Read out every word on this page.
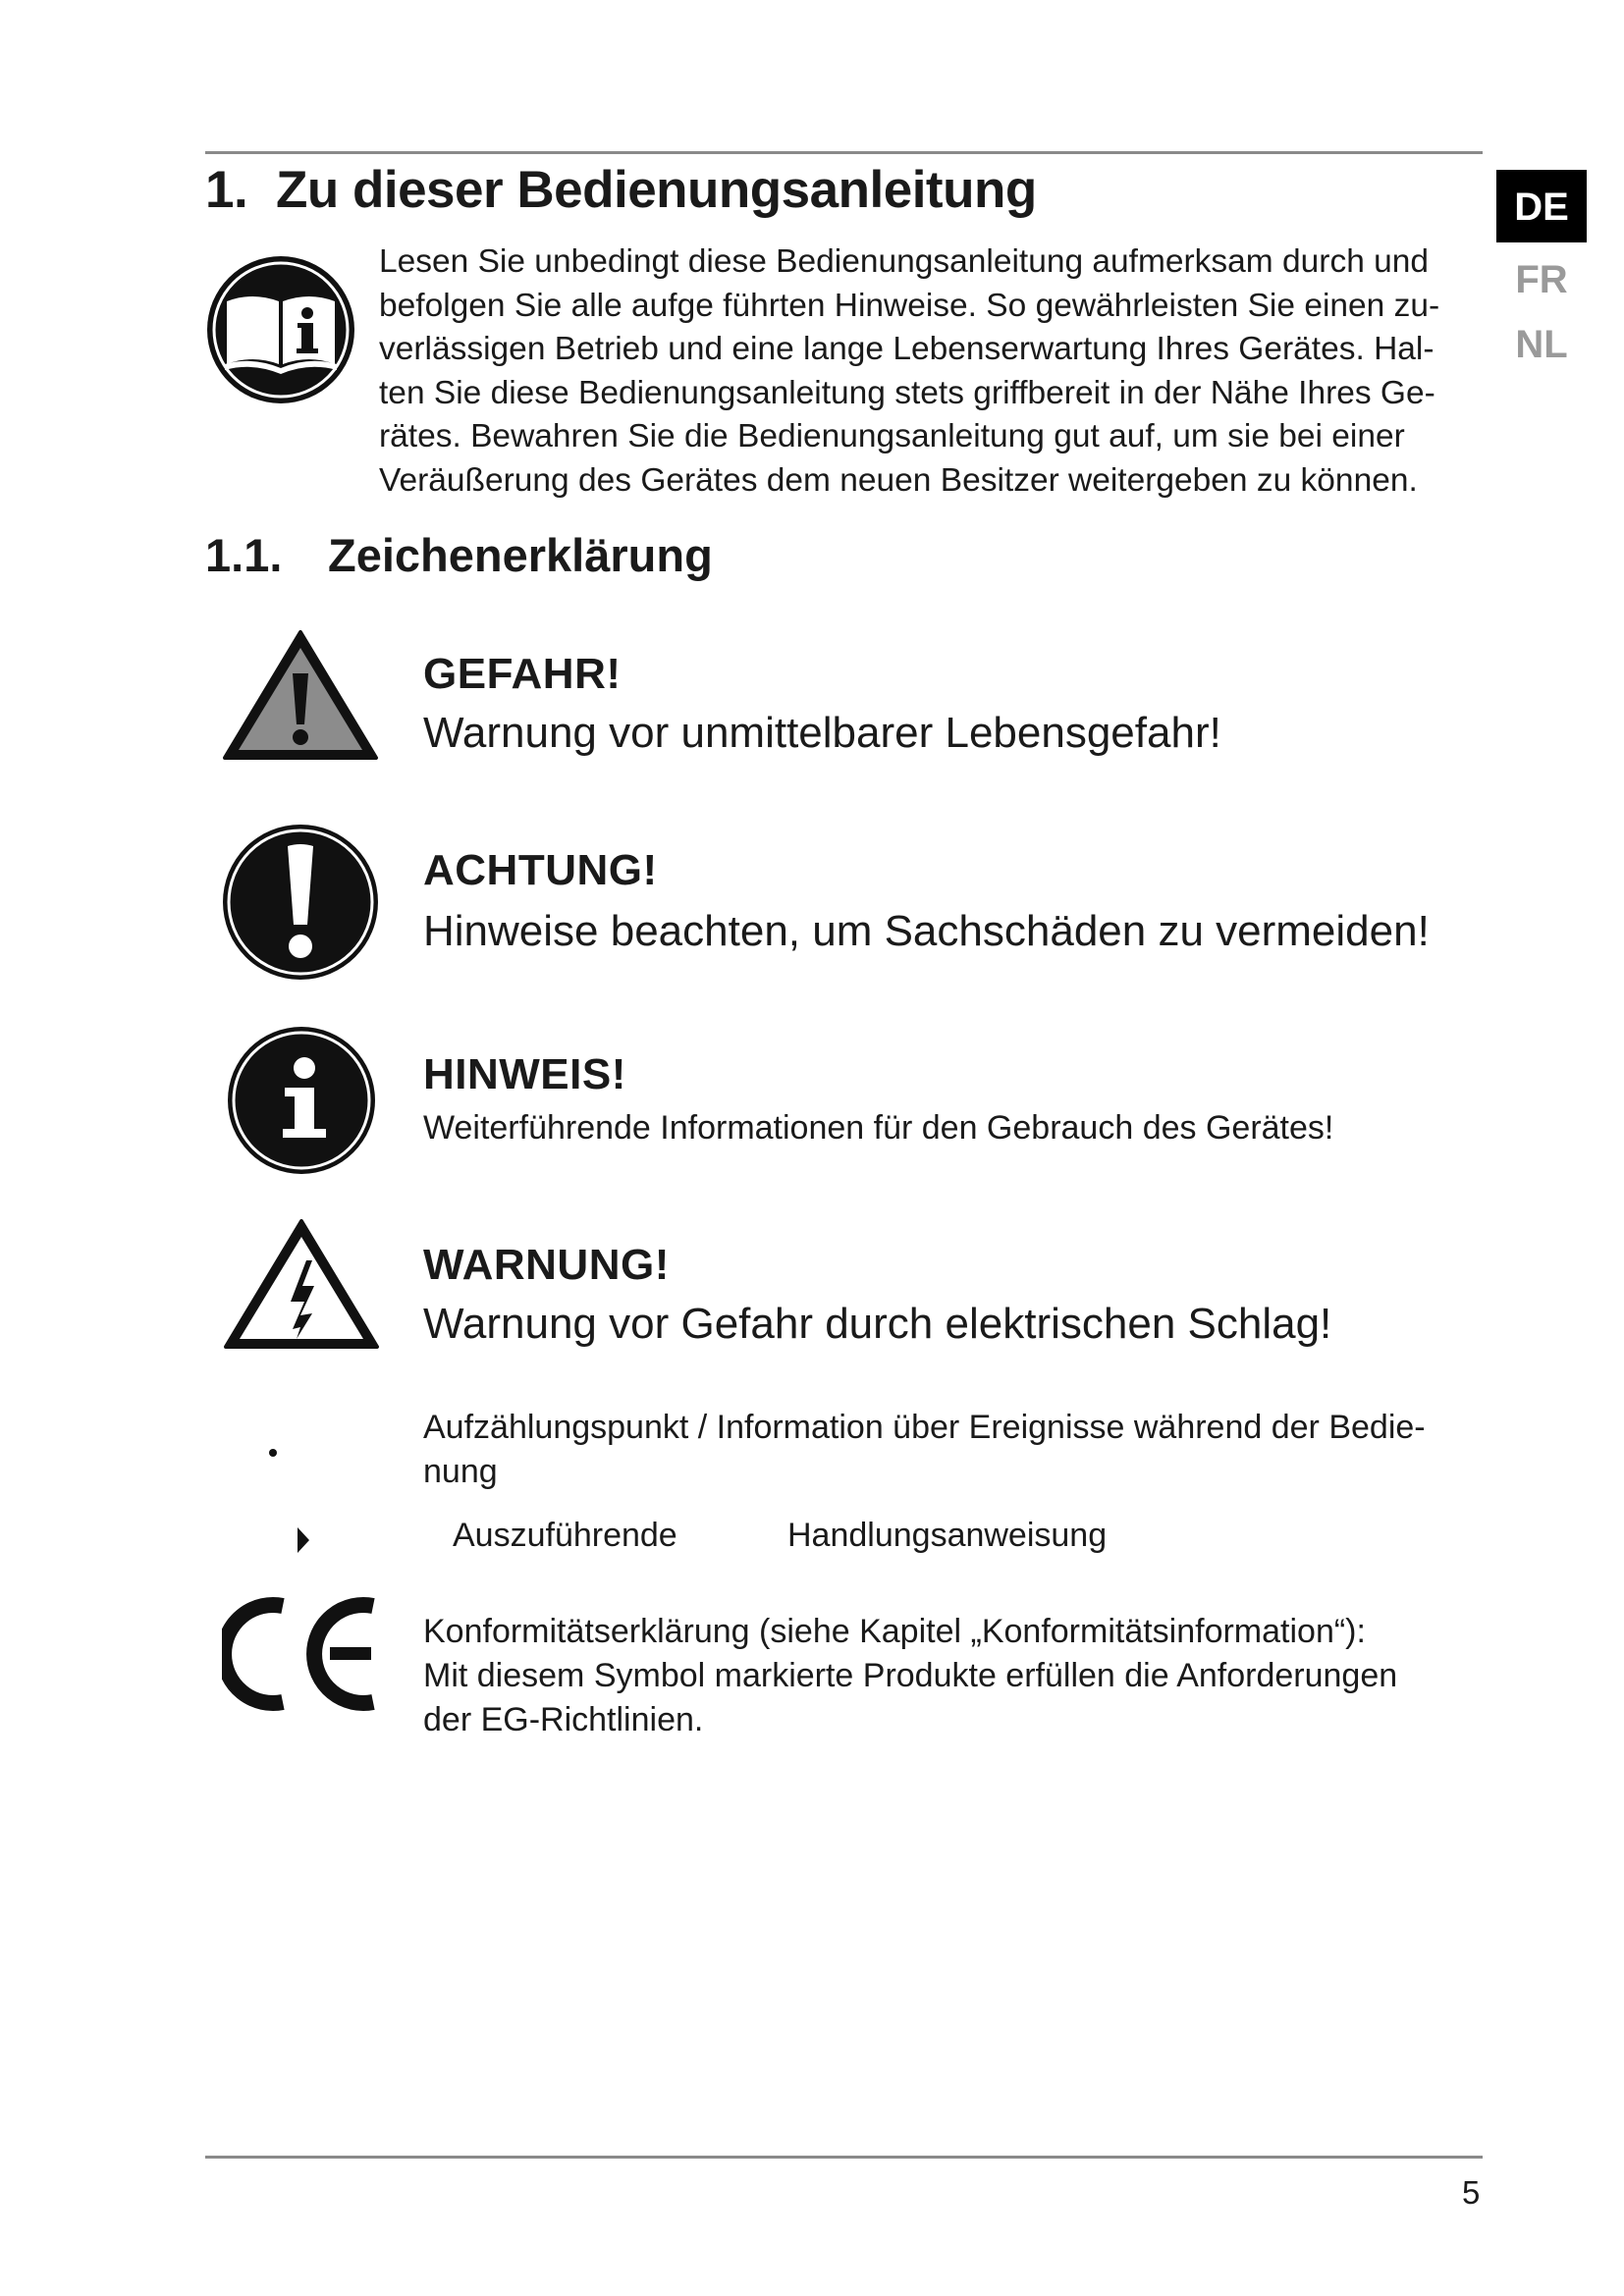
1. Zu dieser Bedienungsanleitung	DE
FR
NL

Lesen Sie unbedingt diese Bedienungsanleitung aufmerksam durch und
befolgen Sie alle aufge führten Hinweise. So gewährleisten Sie einen zu-
verlässigen Betrieb und eine lange Lebenserwartung Ihres Gerätes. Hal-
ten Sie diese Bedienungsanleitung stets griffbereit in der Nähe Ihres Ge-
rätes. Bewahren Sie die Bedienungsanleitung gut auf, um sie bei einer
Veräußerung des Gerätes dem neuen Besitzer weitergeben zu können.

1.1. Zeichenerklärung

GEFAHR!

Warnung vor unmittelbarer Lebensgefahr!

ACHTUNG!

Hinweise beachten, um Sachschäden zu vermeiden!

HINWEIS!

Weiterführende Informationen für den Gebrauch des Gerätes!

WARNUNG!

Warnung vor Gefahr durch elektrischen Schlag!

Aufzählungspunkt / Information über Ereignisse während der Bedie-
nung

Auszuführende	Handlungsanweisung

Konformitätserklärung (siehe Kapitel „Konformitätsinformation“):
Mit diesem Symbol markierte Produkte erfüllen die Anforderungen
der EG-Richtlinien.

5
